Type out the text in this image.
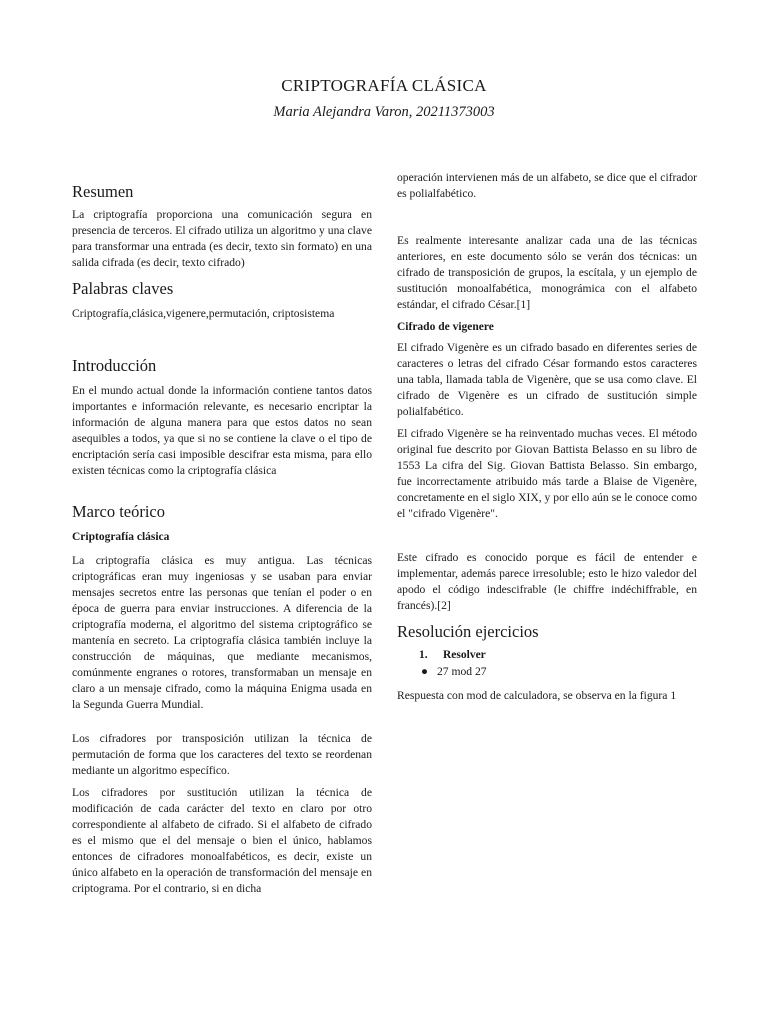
CRIPTOGRAFÍA CLÁSICA
Maria Alejandra Varon, 20211373003
Resumen

La criptografía proporciona una comunicación segura en presencia de terceros. El cifrado utiliza un algoritmo y una clave para transformar una entrada (es decir, texto sin formato) en una salida cifrada (es decir, texto cifrado)

Palabras claves

Criptografía,clásica,vigenere,permutación, criptosistema

Introducción

En el mundo actual donde la información contiene tantos datos importantes e información relevante, es necesario encriptar la información de alguna manera para que estos datos no sean asequibles a todos, ya que si no se contiene la clave o el tipo de encriptación sería casi imposible descifrar esta misma, para ello existen técnicas como la criptografía clásica

Marco teórico
Criptografía clásica

La criptografía clásica es muy antigua. Las técnicas criptográficas eran muy ingeniosas y se usaban para enviar mensajes secretos entre las personas que tenían el poder o en época de guerra para enviar instrucciones. A diferencia de la criptografía moderna, el algoritmo del sistema criptográfico se mantenía en secreto. La criptografía clásica también incluye la construcción de máquinas, que mediante mecanismos, comúnmente engranes o rotores, transformaban un mensaje en claro a un mensaje cifrado, como la máquina Enigma usada en la Segunda Guerra Mundial.

Los cifradores por transposición utilizan la técnica de permutación de forma que los caracteres del texto se reordenan mediante un algoritmo específico.

Los cifradores por sustitución utilizan la técnica de modificación de cada carácter del texto en claro por otro correspondiente al alfabeto de cifrado. Si el alfabeto de cifrado es el mismo que el del mensaje o bien el único, hablamos entonces de cifradores monoalfabéticos, es decir, existe un único alfabeto en la operación de transformación del mensaje en criptograma. Por el contrario, si en dicha

operación intervienen más de un alfabeto, se dice que el cifrador es polialfabético.

Es realmente interesante analizar cada una de las técnicas anteriores, en este documento sólo se verán dos técnicas: un cifrado de transposición de grupos, la escítala, y un ejemplo de sustitución monoalfabética, monográmica con el alfabeto estándar, el cifrado César.[1]

Cifrado de vigenere

El cifrado Vigenère es un cifrado basado en diferentes series de caracteres o letras del cifrado César formando estos caracteres una tabla, llamada tabla de Vigenère, que se usa como clave. El cifrado de Vigenère es un cifrado de sustitución simple polialfabético.

El cifrado Vigenère se ha reinventado muchas veces. El método original fue descrito por Giovan Battista Belasso en su libro de 1553 La cifra del Sig. Giovan Battista Belasso. Sin embargo, fue incorrectamente atribuido más tarde a Blaise de Vigenère, concretamente en el siglo XIX, y por ello aún se le conoce como el "cifrado Vigenère".

Este cifrado es conocido porque es fácil de entender e implementar, además parece irresoluble; esto le hizo valedor del apodo el código indescifrable (le chiffre indéchiffrable, en francés).[2]

Resolución ejercicios
1. Resolver
● 27 mod 27

Respuesta con mod de calculadora, se observa en la figura 1
